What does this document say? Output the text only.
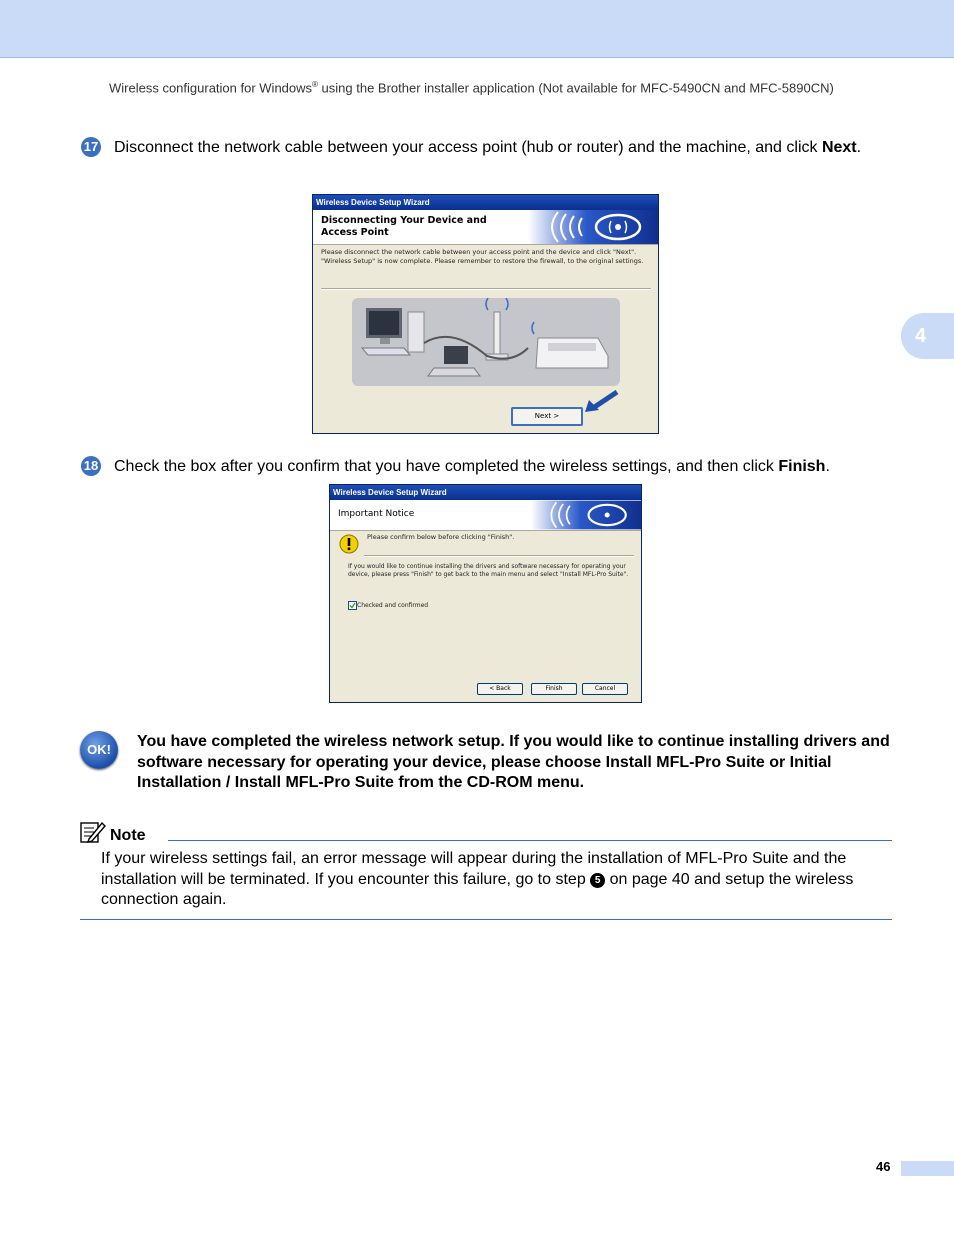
Wireless configuration for Windows® using the Brother installer application (Not available for MFC-5490CN and MFC-5890CN)
4
17 Disconnect the network cable between your access point (hub or router) and the machine, and click Next.
Wireless Device Setup Wizard
Disconnecting Your Device and
Access Point
Please disconnect the network cable between your access point and the device and click "Next". "Wireless Setup" is now complete. Please remember to restore the firewall, to the original settings.
Next >
18 Check the box after you confirm that you have completed the wireless settings, and then click Finish.
Wireless Device Setup Wizard
Important Notice
Please confirm below before clicking "Finish".
If you would like to continue installing the drivers and software necessary for operating your device, please press "Finish" to get back to the main menu and select "Install MFL-Pro Suite".
Checked and confirmed
< Back	Finish	Cancel
OK!	You have completed the wireless network setup. If you would like to continue installing drivers and software necessary for operating your device, please choose Install MFL-Pro Suite or Initial Installation / Install MFL-Pro Suite from the CD-ROM menu.
Note
If your wireless settings fail, an error message will appear during the installation of MFL-Pro Suite and the installation will be terminated. If you encounter this failure, go to step 5 on page 40 and setup the wireless connection again.
46
